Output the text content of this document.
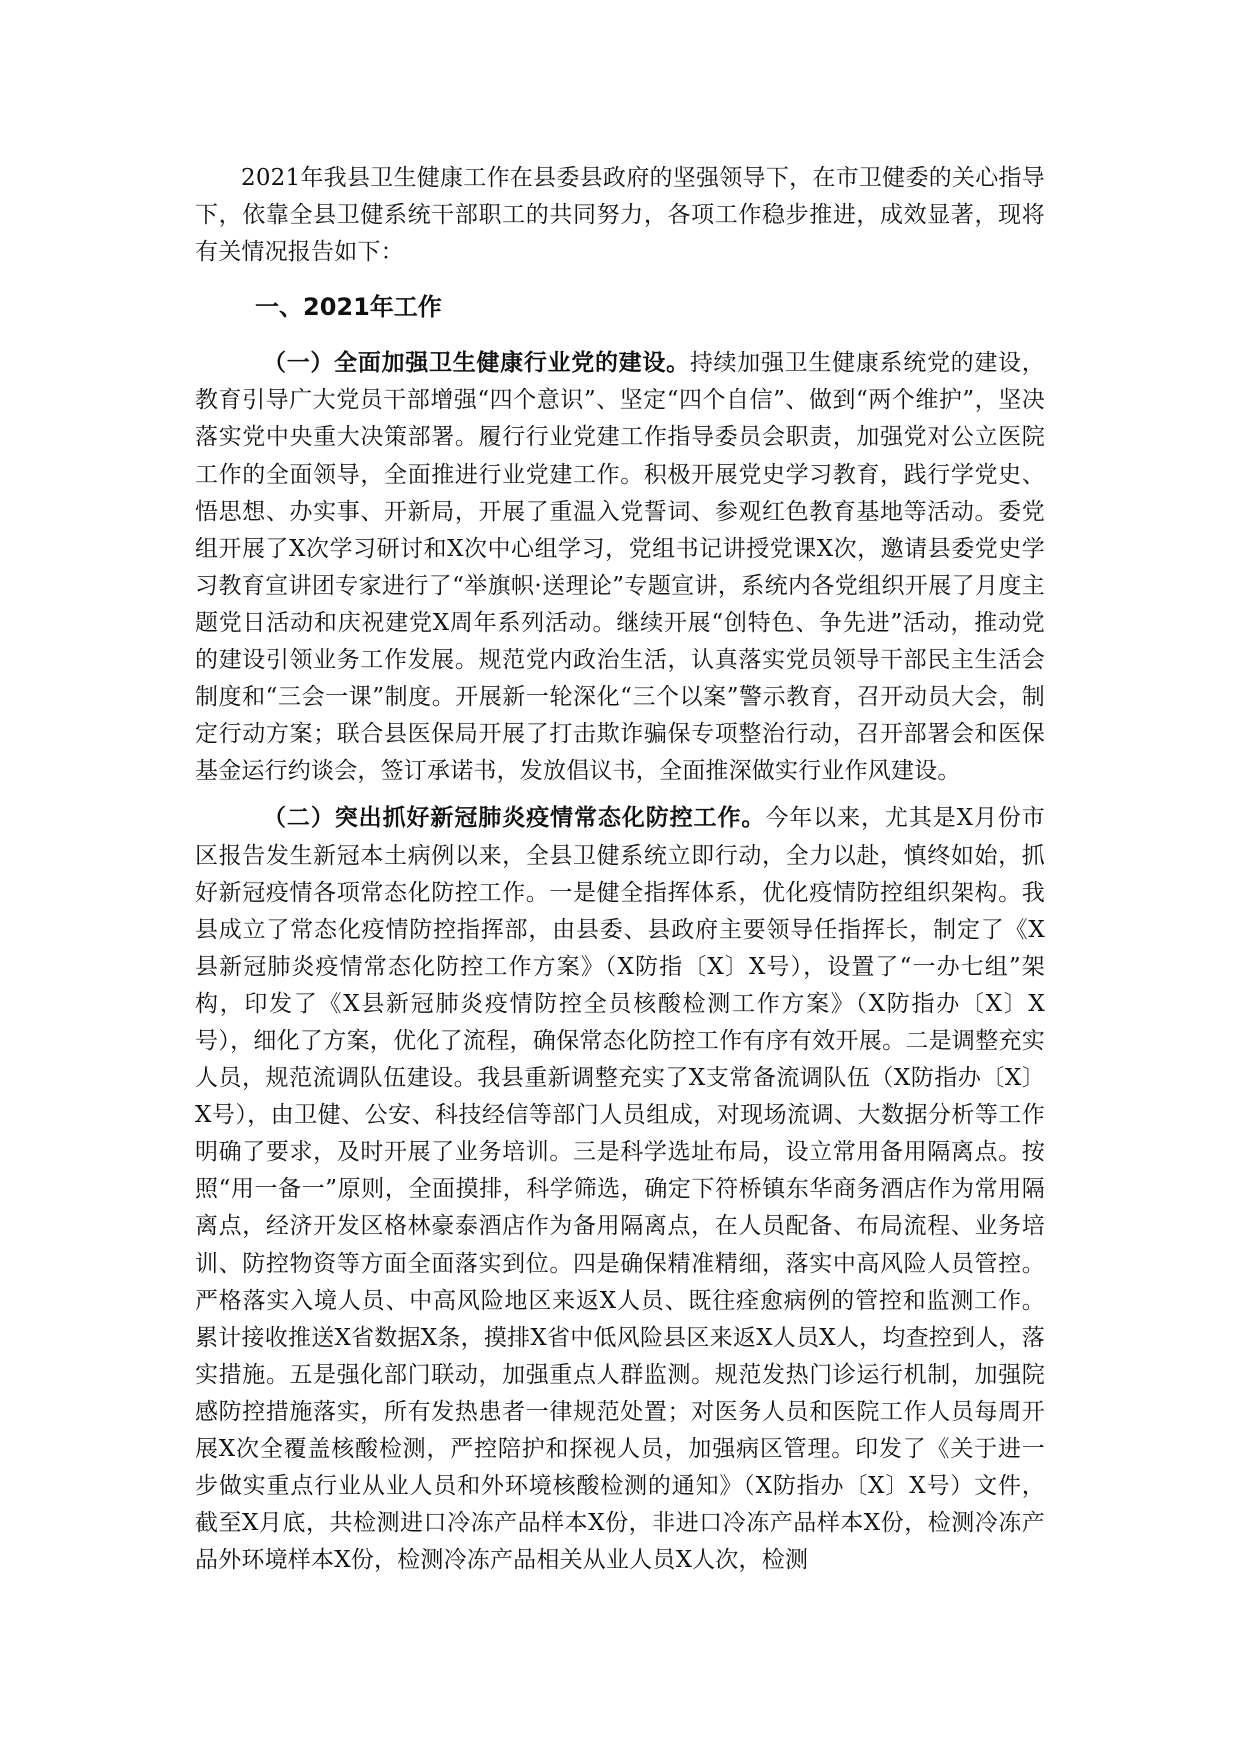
2021年我县卫生健康工作在县委县政府的坚强领导下，在市卫健委的关心指导下，依靠全县卫健系统干部职工的共同努力，各项工作稳步推进，成效显著，现将有关情况报告如下：

一、2021年工作

（一）全面加强卫生健康行业党的建设。持续加强卫生健康系统党的建设，教育引导广大党员干部增强“四个意识”、坚定“四个自信”、做到“两个维护”，坚决落实党中央重大决策部署。履行行业党建工作指导委员会职责，加强党对公立医院工作的全面领导，全面推进行业党建工作。积极开展党史学习教育，践行学党史、悟思想、办实事、开新局，开展了重温入党誓词、参观红色教育基地等活动。委党组开展了X次学习研讨和X次中心组学习，党组书记讲授党课X次，邀请县委党史学习教育宣讲团专家进行了“举旗帜·送理论”专题宣讲，系统内各党组织开展了月度主题党日活动和庆祝建党X周年系列活动。继续开展“创特色、争先进”活动，推动党的建设引领业务工作发展。规范党内政治生活，认真落实党员领导干部民主生活会制度和“三会一课”制度。开展新一轮深化“三个以案”警示教育，召开动员大会，制定行动方案；联合县医保局开展了打击欺诈骗保专项整治行动，召开部署会和医保基金运行约谈会，签订承诺书，发放倡议书，全面推深做实行业作风建设。

（二）突出抓好新冠肺炎疫情常态化防控工作。今年以来，尤其是X月份市区报告发生新冠本土病例以来，全县卫健系统立即行动，全力以赴，慎终如始，抓好新冠疫情各项常态化防控工作。一是健全指挥体系，优化疫情防控组织架构。我县成立了常态化疫情防控指挥部，由县委、县政府主要领导任指挥长，制定了《X县新冠肺炎疫情常态化防控工作方案》（X防指〔X〕X号），设置了“一办七组”架构，印发了《X县新冠肺炎疫情防控全员核酸检测工作方案》（X防指办〔X〕X号），细化了方案，优化了流程，确保常态化防控工作有序有效开展。二是调整充实人员，规范流调队伍建设。我县重新调整充实了X支常备流调队伍（X防指办〔X〕X号），由卫健、公安、科技经信等部门人员组成，对现场流调、大数据分析等工作明确了要求，及时开展了业务培训。三是科学选址布局，设立常用备用隔离点。按照“用一备一”原则，全面摸排，科学筛选，确定下符桥镇东华商务酒店作为常用隔离点，经济开发区格林豪泰酒店作为备用隔离点，在人员配备、布局流程、业务培训、防控物资等方面全面落实到位。四是确保精准精细，落实中高风险人员管控。严格落实入境人员、中高风险地区来返X人员、既往痊愈病例的管控和监测工作。累计接收推送X省数据X条，摸排X省中低风险县区来返X人员X人，均查控到人，落实措施。五是强化部门联动，加强重点人群监测。规范发热门诊运行机制，加强院感防控措施落实，所有发热患者一律规范处置；对医务人员和医院工作人员每周开展X次全覆盖核酸检测，严控陪护和探视人员，加强病区管理。印发了《关于进一步做实重点行业从业人员和外环境核酸检测的通知》（X防指办〔X〕X号）文件，截至X月底，共检测进口冷冻产品样本X份，非进口冷冻产品样本X份，检测冷冻产品外环境样本X份，检测冷冻产品相关从业人员X人次，检测
